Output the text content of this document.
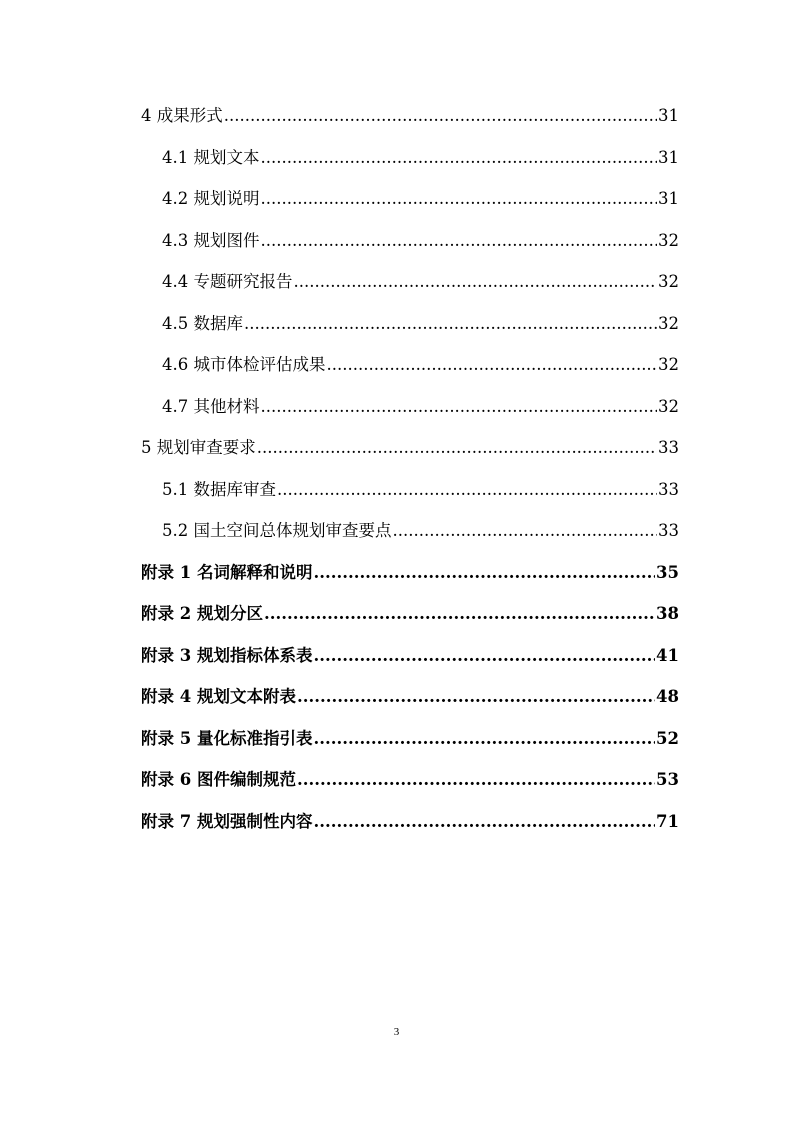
4 成果形式 .....	31
4.1 规划文本 .....	31
4.2 规划说明 .....	31
4.3 规划图件 .....	32
4.4 专题研究报告 .....	32
4.5 数据库 .....	32
4.6 城市体检评估成果 .....	32
4.7 其他材料 .....	32
5 规划审查要求 .....	33
5.1 数据库审查 .....	33
5.2 国土空间总体规划审查要点 .....	33
附录 1 名词解释和说明 .....	35
附录 2 规划分区 .....	38
附录 3 规划指标体系表 .....	41
附录 4 规划文本附表 .....	48
附录 5 量化标准指引表 .....	52
附录 6 图件编制规范 .....	53
附录 7 规划强制性内容 .....	71
3
